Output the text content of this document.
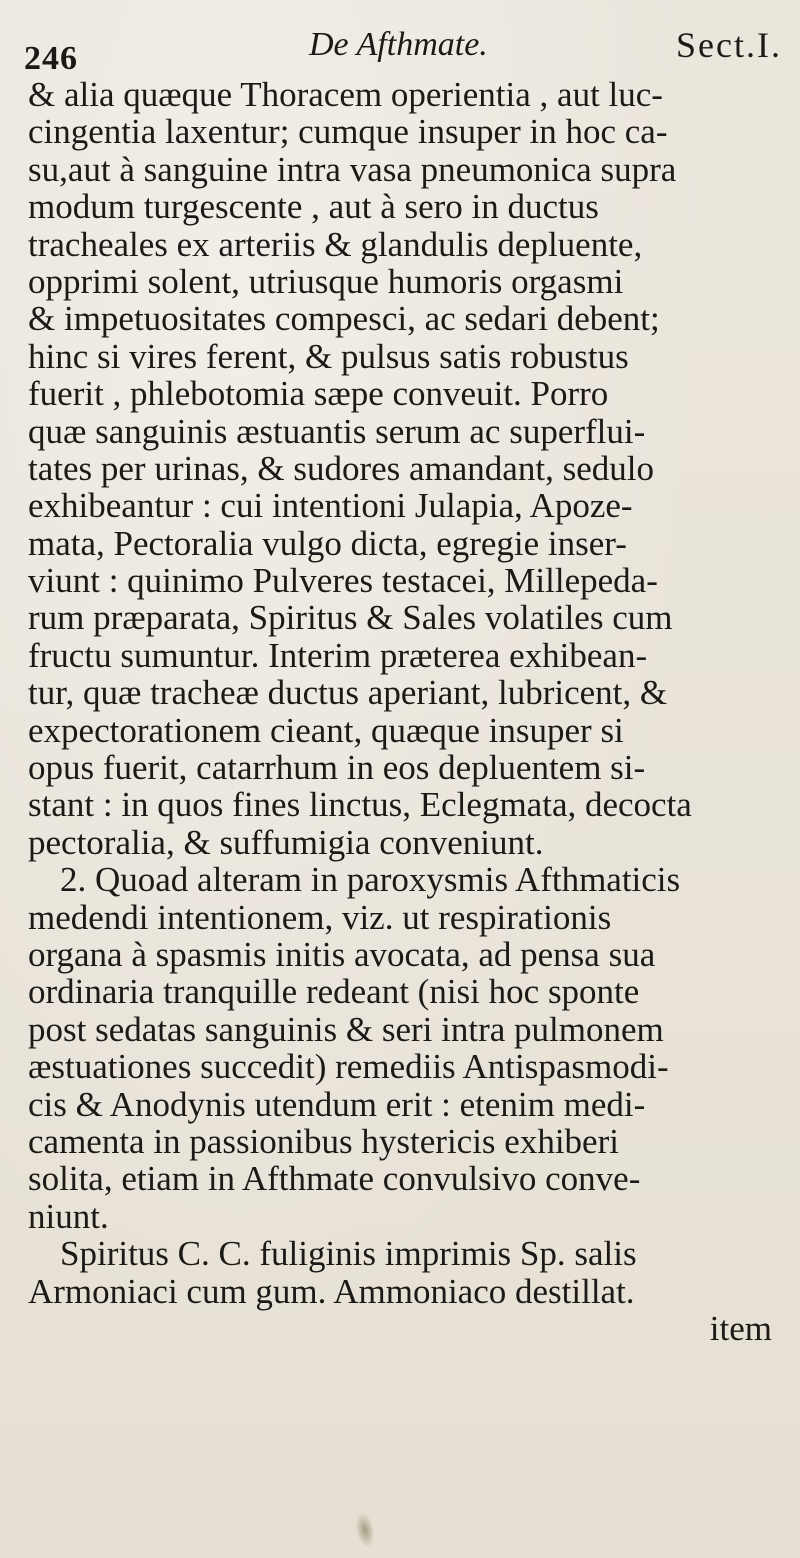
246	De Afthmate.	Sect.I.
& alia quæque Thoracem operientia , aut luc-
cingentia laxentur; cumque insuper in hoc ca-
su,aut à sanguine intra vasa pneumonica supra
modum turgescente , aut à sero in ductus
tracheales ex arteriis & glandulis depluente,
opprimi solent, utriusque humoris orgasmi
& impetuositates compesci, ac sedari debent;
hinc si vires ferent, & pulsus satis robustus
fuerit , phlebotomia sæpe conveuit. Porro
quæ sanguinis æstuantis serum ac superflui-
tates per urinas, & sudores amandant, sedulo
exhibeantur : cui intentioni Julapia, Apoze-
mata, Pectoralia vulgo dicta, egregie inser-
viunt : quinimo Pulveres testacei, Millepeda-
rum præparata, Spiritus & Sales volatiles cum
fructu sumuntur. Interim præterea exhibean-
tur, quæ tracheæ ductus aperiant, lubricent, &
expectorationem cieant, quæque insuper si
opus fuerit, catarrhum in eos depluentem si-
stant : in quos fines linctus, Eclegmata, decocta
pectoralia, & suffumigia conveniunt.
2. Quoad alteram in paroxysmis Afthmaticis
medendi intentionem, viz. ut respirationis
organa à spasmis initis avocata, ad pensa sua
ordinaria tranquille redeant (nisi hoc sponte
post sedatas sanguinis & seri intra pulmonem
æstuationes succedit) remediis Antispasmodi-
cis & Anodynis utendum erit : etenim medi-
camenta in passionibus hystericis exhiberi
solita, etiam in Afthmate convulsivo conve-
niunt.
Spiritus C. C. fuliginis imprimis Sp. salis
Armoniaci cum gum. Ammoniaco destillat.
item
